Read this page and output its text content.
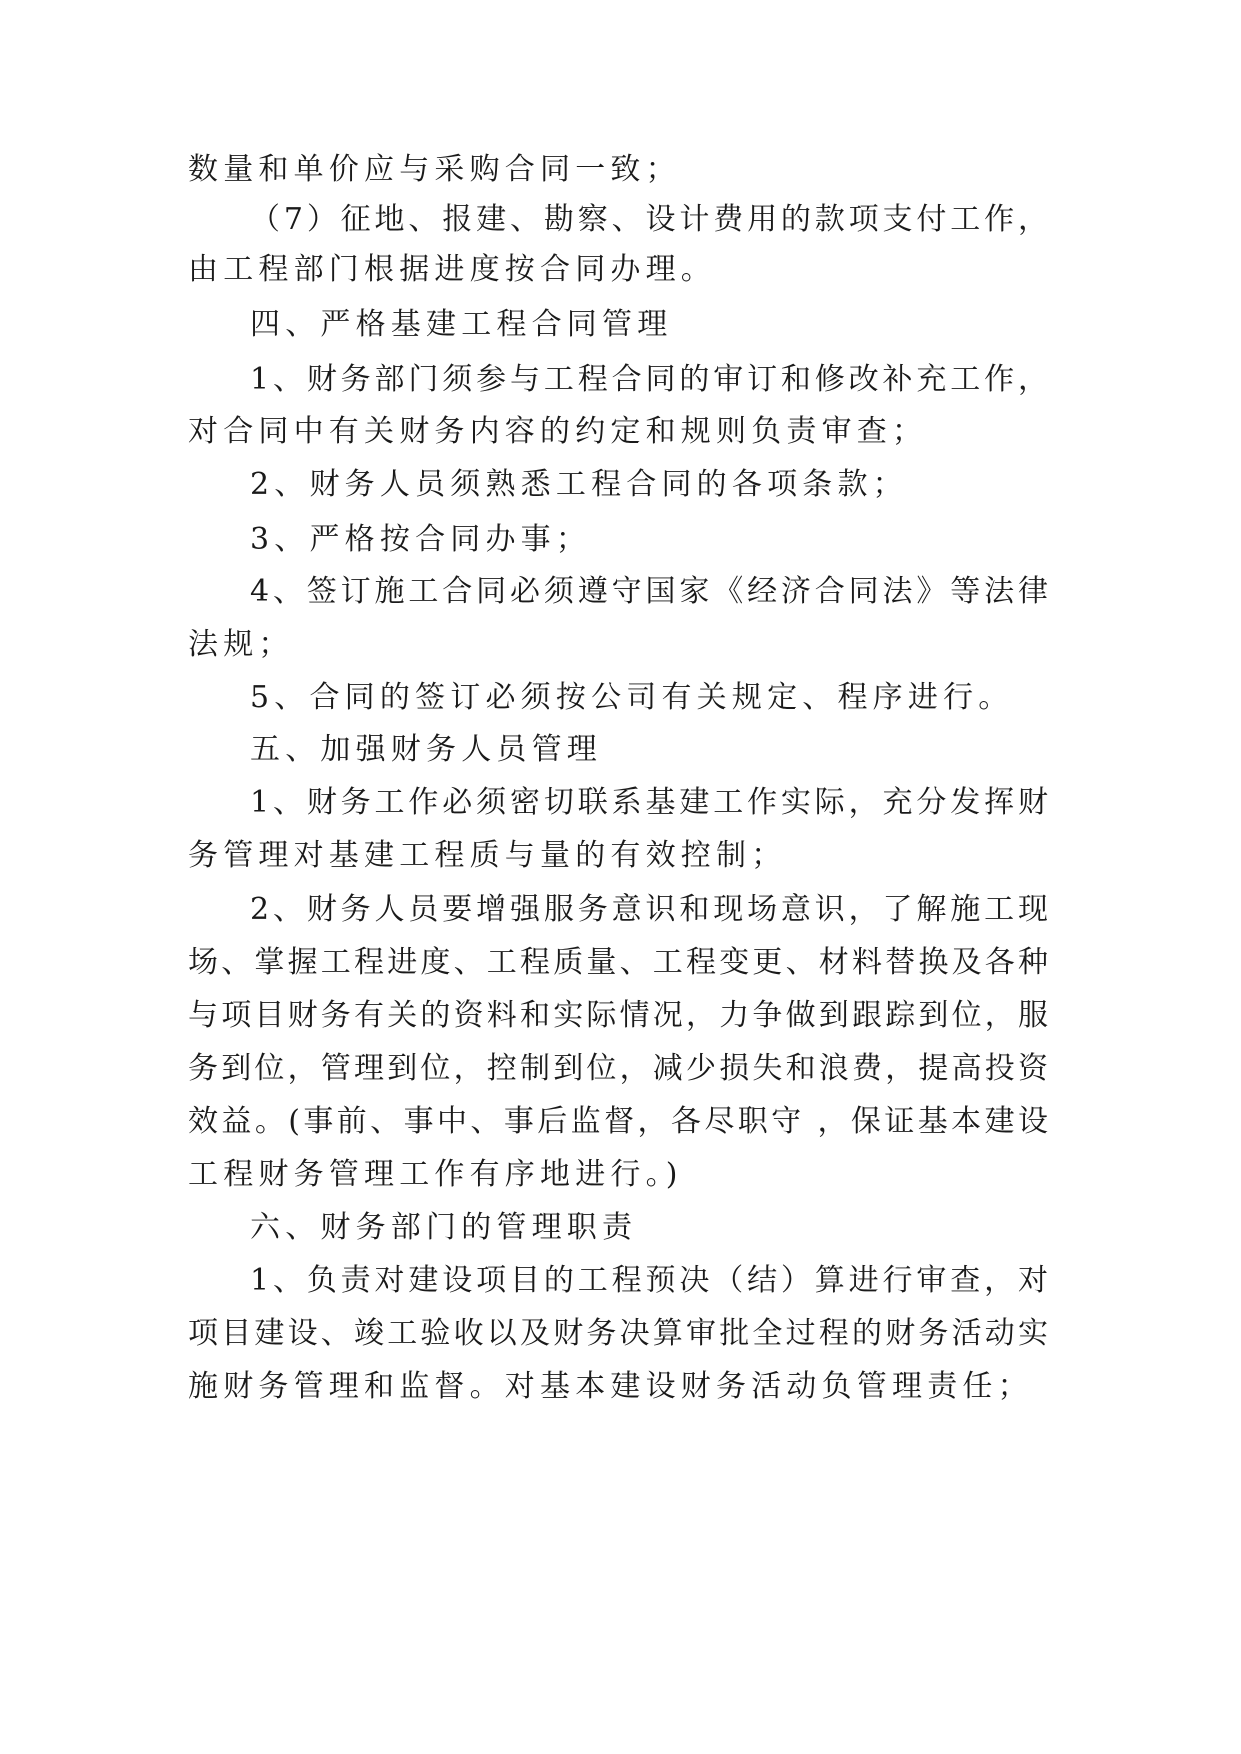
数量和单价应与采购合同一致；
（7）征地、报建、勘察、设计费用的款项支付工作，
由工程部门根据进度按合同办理。
四、严格基建工程合同管理
1、财务部门须参与工程合同的审订和修改补充工作，
对合同中有关财务内容的约定和规则负责审查；
2、财务人员须熟悉工程合同的各项条款；
3、严格按合同办事；
4、签订施工合同必须遵守国家《经济合同法》等法律
法规；
5、合同的签订必须按公司有关规定、程序进行。
五、加强财务人员管理
1、财务工作必须密切联系基建工作实际，充分发挥财
务管理对基建工程质与量的有效控制；
2、财务人员要增强服务意识和现场意识，了解施工现
场、掌握工程进度、工程质量、工程变更、材料替换及各种
与项目财务有关的资料和实际情况，力争做到跟踪到位，服
务到位，管理到位，控制到位，减少损失和浪费，提高投资
效益。(事前、事中、事后监督，各尽职守 ，保证基本建设
工程财务管理工作有序地进行。)
六、财务部门的管理职责
1、负责对建设项目的工程预决（结）算进行审查，对
项目建设、竣工验收以及财务决算审批全过程的财务活动实
施财务管理和监督。对基本建设财务活动负管理责任；
